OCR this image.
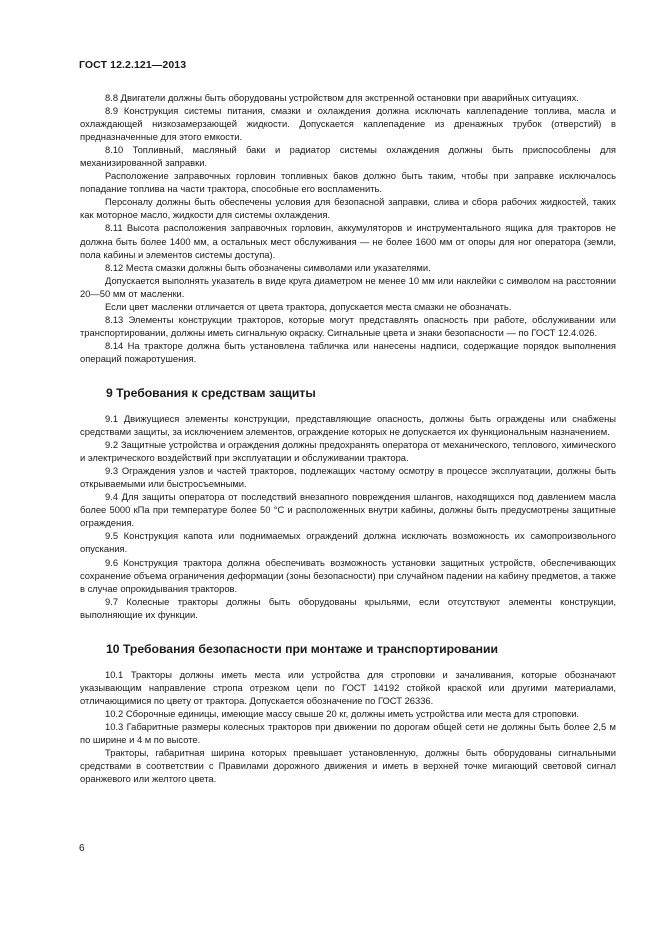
ГОСТ 12.2.121—2013

8.8 Двигатели должны быть оборудованы устройством для экстренной остановки при аварийных ситуациях.

8.9 Конструкция системы питания, смазки и охлаждения должна исключать каплепадение топлива, масла и охлаждающей низкозамерзающей жидкости. Допускается каплепадение из дренажных трубок (отверстий) в предназначенные для этого емкости.

8.10 Топливный, масляный баки и радиатор системы охлаждения должны быть приспособлены для механизированной заправки.

Расположение заправочных горловин топливных баков должно быть таким, чтобы при заправке исключалось попадание топлива на части трактора, способные его воспламенить.

Персоналу должны быть обеспечены условия для безопасной заправки, слива и сбора рабочих жидкостей, таких как моторное масло, жидкости для системы охлаждения.

8.11 Высота расположения заправочных горловин, аккумуляторов и инструментального ящика для тракторов не должна быть более 1400 мм, а остальных мест обслуживания — не более 1600 мм от опоры для ног оператора (земли, пола кабины и элементов системы доступа).

8.12 Места смазки должны быть обозначены символами или указателями.

Допускается выполнять указатель в виде круга диаметром не менее 10 мм или наклейки с символом на расстоянии 20—50 мм от масленки.

Если цвет масленки отличается от цвета трактора, допускается места смазки не обозначать.

8.13 Элементы конструкции тракторов, которые могут представлять опасность при работе, обслуживании или транспортировании, должны иметь сигнальную окраску. Сигнальные цвета и знаки безопасности — по ГОСТ 12.4.026.

8.14 На тракторе должна быть установлена табличка или нанесены надписи, содержащие порядок выполнения операций пожаротушения.

9 Требования к средствам защиты

9.1 Движущиеся элементы конструкции, представляющие опасность, должны быть ограждены или снабжены средствами защиты, за исключением элементов, ограждение которых не допускается их функциональным назначением.

9.2 Защитные устройства и ограждения должны предохранять оператора от механического, теплового, химического и электрического воздействий при эксплуатации и обслуживании трактора.

9.3 Ограждения узлов и частей тракторов, подлежащих частому осмотру в процессе эксплуатации, должны быть открываемыми или быстросъемными.

9.4 Для защиты оператора от последствий внезапного повреждения шлангов, находящихся под давлением масла более 5000 кПа при температуре более 50 °С и расположенных внутри кабины, должны быть предусмотрены защитные ограждения.

9.5 Конструкция капота или поднимаемых ограждений должна исключать возможность их самопроизвольного опускания.

9.6 Конструкция трактора должна обеспечивать возможность установки защитных устройств, обеспечивающих сохранение объема ограничения деформации (зоны безопасности) при случайном падении на кабину предметов, а также в случае опрокидывания тракторов.

9.7 Колесные тракторы должны быть оборудованы крыльями, если отсутствуют элементы конструкции, выполняющие их функции.

10 Требования безопасности при монтаже и транспортировании

10.1 Тракторы должны иметь места или устройства для строповки и зачаливания, которые обозначают указывающим направление стропа отрезком цепи по ГОСТ 14192 стойкой краской или другими материалами, отличающимися по цвету от трактора. Допускается обозначение по ГОСТ 26336.

10.2 Сборочные единицы, имеющие массу свыше 20 кг, должны иметь устройства или места для строповки.

10.3 Габаритные размеры колесных тракторов при движении по дорогам общей сети не должны быть более 2,5 м по ширине и 4 м по высоте.

Тракторы, габаритная ширина которых превышает установленную, должны быть оборудованы сигнальными средствами в соответствии с Правилами дорожного движения и иметь в верхней точке мигающий световой сигнал оранжевого или желтого цвета.

6
